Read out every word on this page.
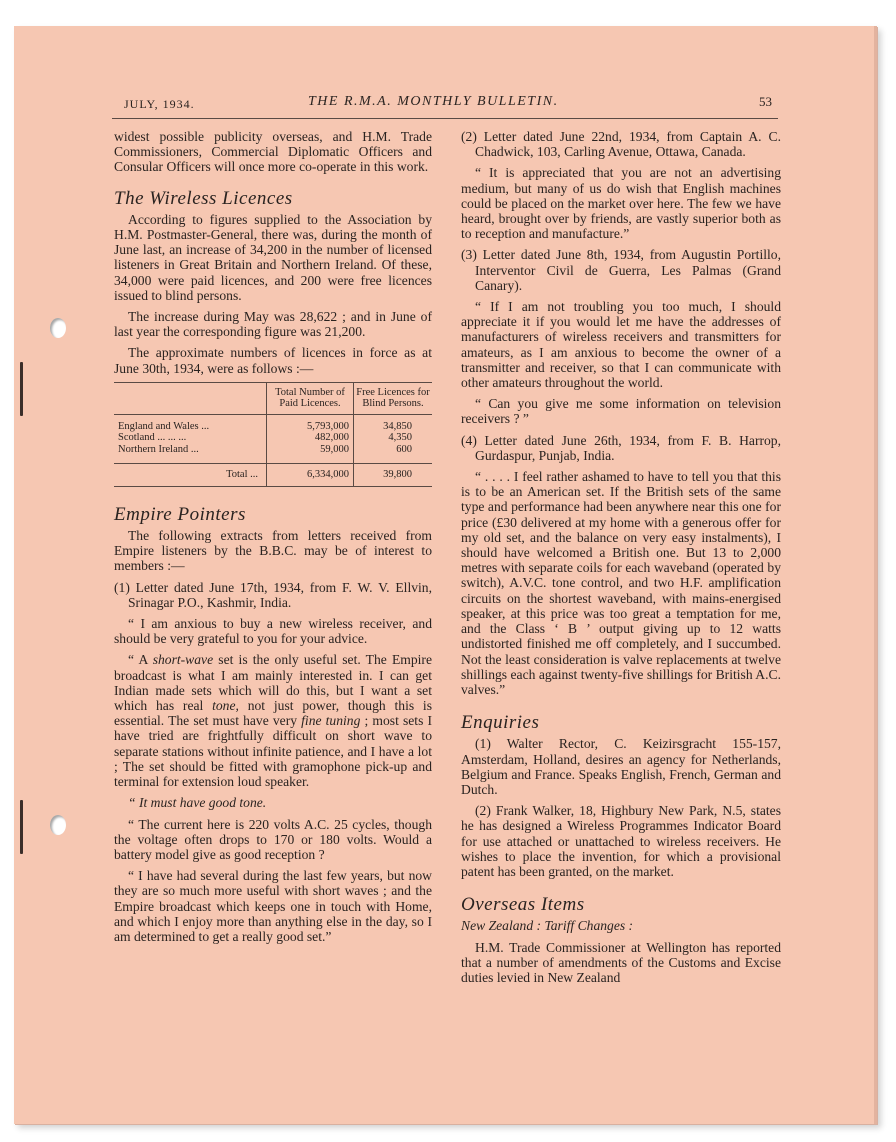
JULY, 1934.	THE R.M.A. MONTHLY BULLETIN.	53

widest possible publicity overseas, and H.M. Trade Commissioners, Commercial Diplomatic Officers and Consular Officers will once more co-operate in this work.

The Wireless Licences

According to figures supplied to the Association by H.M. Postmaster-General, there was, during the month of June last, an increase of 34,200 in the number of licensed listeners in Great Britain and Northern Ireland. Of these, 34,000 were paid licences, and 200 were free licences issued to blind persons.

The increase during May was 28,622 ; and in June of last year the corresponding figure was 21,200.

The approximate numbers of licences in force as at June 30th, 1934, were as follows :—

	Total Number of Paid Licences.	Free Licences for Blind Persons.
England and Wales ...	5,793,000	34,850
Scotland ... ... ...	482,000	4,350
Northern Ireland ...	59,000	600
Total ...	6,334,000	39,800
Empire Pointers

The following extracts from letters received from Empire listeners by the B.B.C. may be of interest to members :—

(1) Letter dated June 17th, 1934, from F. W. V. Ellvin, Srinagar P.O., Kashmir, India.

“ I am anxious to buy a new wireless receiver, and should be very grateful to you for your advice.

“ A short-wave set is the only useful set. The Empire broadcast is what I am mainly interested in. I can get Indian made sets which will do this, but I want a set which has real tone, not just power, though this is essential. The set must have very fine tuning ; most sets I have tried are frightfully difficult on short wave to separate stations without infinite patience, and I have a lot ; The set should be fitted with gramophone pick-up and terminal for extension loud speaker.

“ It must have good tone.

“ The current here is 220 volts A.C. 25 cycles, though the voltage often drops to 170 or 180 volts. Would a battery model give as good reception ?

“ I have had several during the last few years, but now they are so much more useful with short waves ; and the Empire broadcast which keeps one in touch with Home, and which I enjoy more than anything else in the day, so I am determined to get a really good set.”

(2) Letter dated June 22nd, 1934, from Captain A. C. Chadwick, 103, Carling Avenue, Ottawa, Canada.

“ It is appreciated that you are not an advertising medium, but many of us do wish that English machines could be placed on the market over here. The few we have heard, brought over by friends, are vastly superior both as to reception and manufacture.”

(3) Letter dated June 8th, 1934, from Augustin Portillo, Interventor Civil de Guerra, Les Palmas (Grand Canary).

“ If I am not troubling you too much, I should appreciate it if you would let me have the addresses of manufacturers of wireless receivers and transmitters for amateurs, as I am anxious to become the owner of a transmitter and receiver, so that I can communicate with other amateurs throughout the world.

“ Can you give me some information on television receivers ? ”

(4) Letter dated June 26th, 1934, from F. B. Harrop, Gurdaspur, Punjab, India.

“ . . . . I feel rather ashamed to have to tell you that this is to be an American set. If the British sets of the same type and performance had been anywhere near this one for price (£30 delivered at my home with a generous offer for my old set, and the balance on very easy instalments), I should have welcomed a British one. But 13 to 2,000 metres with separate coils for each waveband (operated by switch), A.V.C. tone control, and two H.F. amplification circuits on the shortest waveband, with mains-energised speaker, at this price was too great a temptation for me, and the Class ‘ B ’ output giving up to 12 watts undistorted finished me off completely, and I succumbed. Not the least consideration is valve replacements at twelve shillings each against twenty-five shillings for British A.C. valves.”

Enquiries

(1) Walter Rector, C. Keizirsgracht 155-157, Amsterdam, Holland, desires an agency for Netherlands, Belgium and France. Speaks English, French, German and Dutch.

(2) Frank Walker, 18, Highbury New Park, N.5, states he has designed a Wireless Programmes Indicator Board for use attached or unattached to wireless receivers. He wishes to place the invention, for which a provisional patent has been granted, on the market.

Overseas Items

New Zealand : Tariff Changes :

H.M. Trade Commissioner at Wellington has reported that a number of amendments of the Customs and Excise duties levied in New Zealand
